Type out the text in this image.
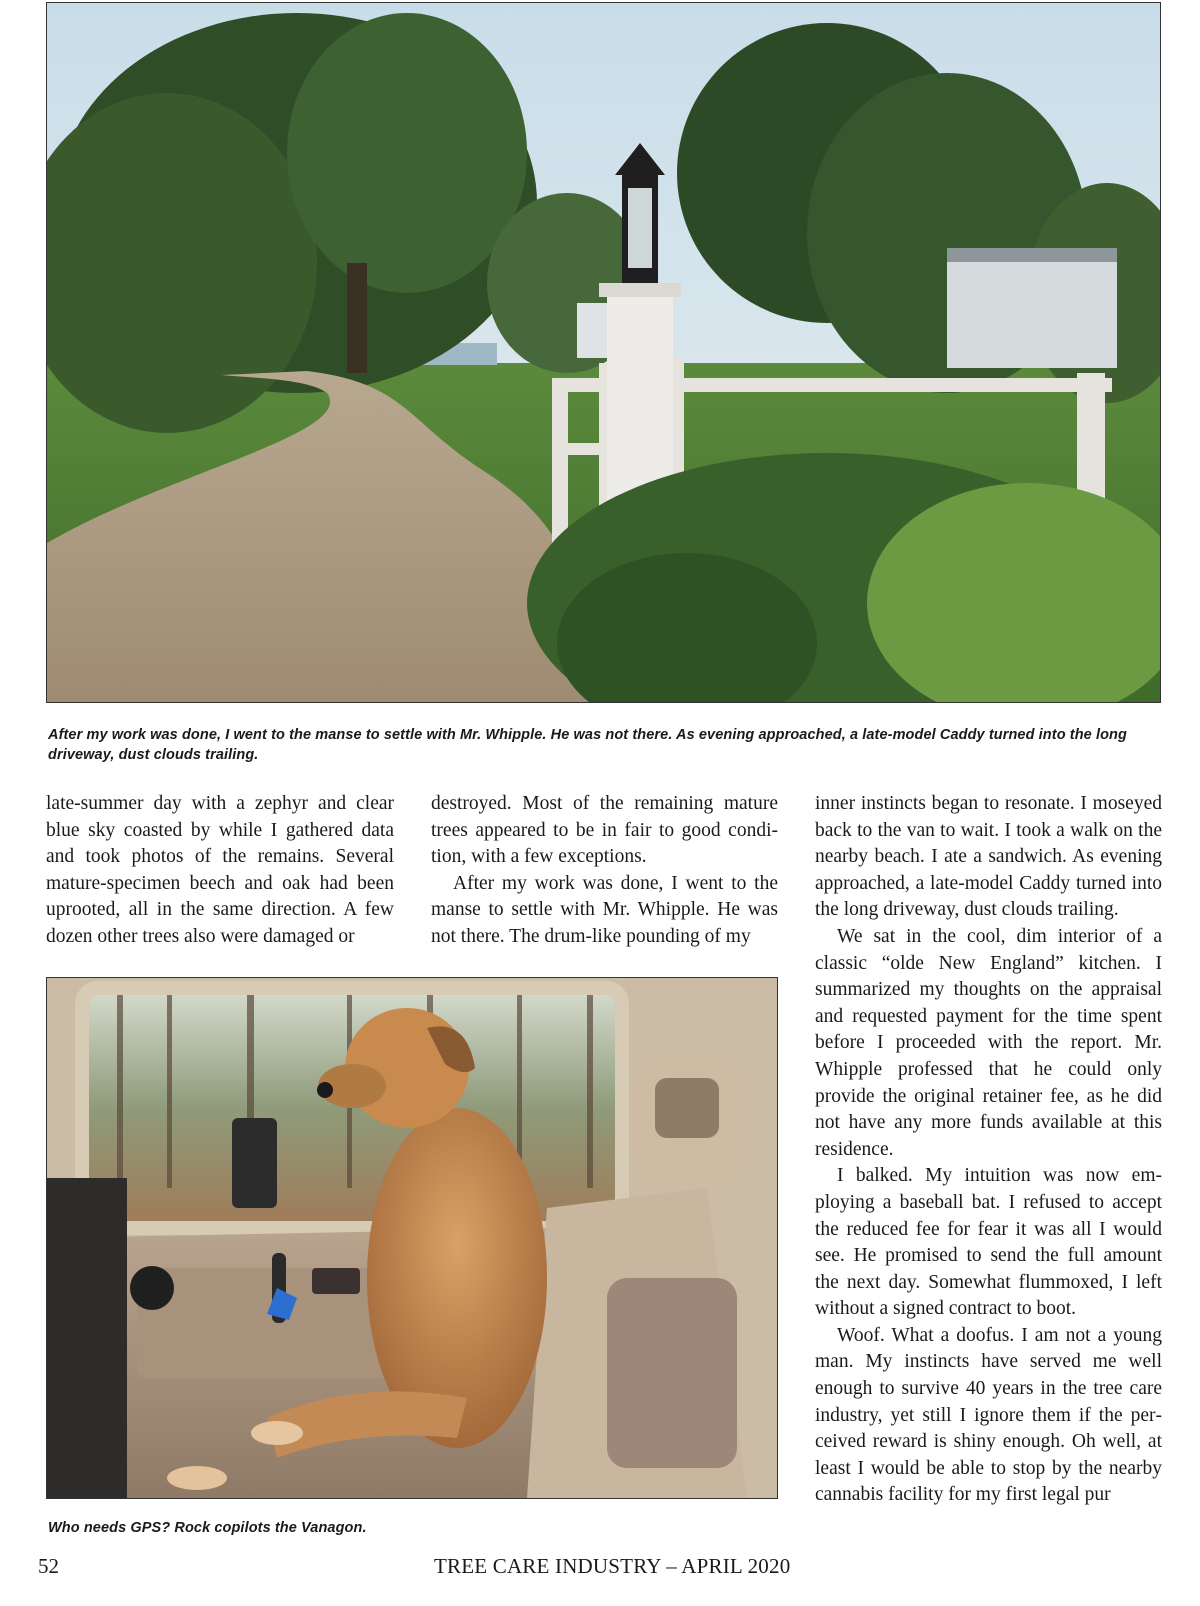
After my work was done, I went to the manse to settle with Mr. Whipple. He was not there. As evening approached, a late-model Caddy turned into the long driveway, dust clouds trailing.

late-summer day with a zephyr and clear blue sky coasted by while I gathered data and took photos of the remains. Several mature-specimen beech and oak had been uprooted, all in the same direction. A few dozen other trees also were damaged or

destroyed. Most of the remaining mature trees appeared to be in fair to good condition, with a few exceptions.

After my work was done, I went to the manse to settle with Mr. Whipple. He was not there. The drum-like pounding of my

inner instincts began to resonate. I moseyed back to the van to wait. I took a walk on the nearby beach. I ate a sandwich. As evening approached, a late-model Caddy turned into the long driveway, dust clouds trailing.

We sat in the cool, dim interior of a classic “olde New England” kitchen. I summarized my thoughts on the appraisal and requested payment for the time spent before I proceeded with the report. Mr. Whipple professed that he could only provide the original retainer fee, as he did not have any more funds available at this residence.

I balked. My intuition was now employing a baseball bat. I refused to accept the reduced fee for fear it was all I would see. He promised to send the full amount the next day. Somewhat flummoxed, I left without a signed contract to boot.

Woof. What a doofus. I am not a young man. My instincts have served me well enough to survive 40 years in the tree care industry, yet still I ignore them if the perceived reward is shiny enough. Oh well, at least I would be able to stop by the nearby cannabis facility for my first legal pur

Who needs GPS? Rock copilots the Vanagon.
52	TREE CARE INDUSTRY – APRIL 2020
